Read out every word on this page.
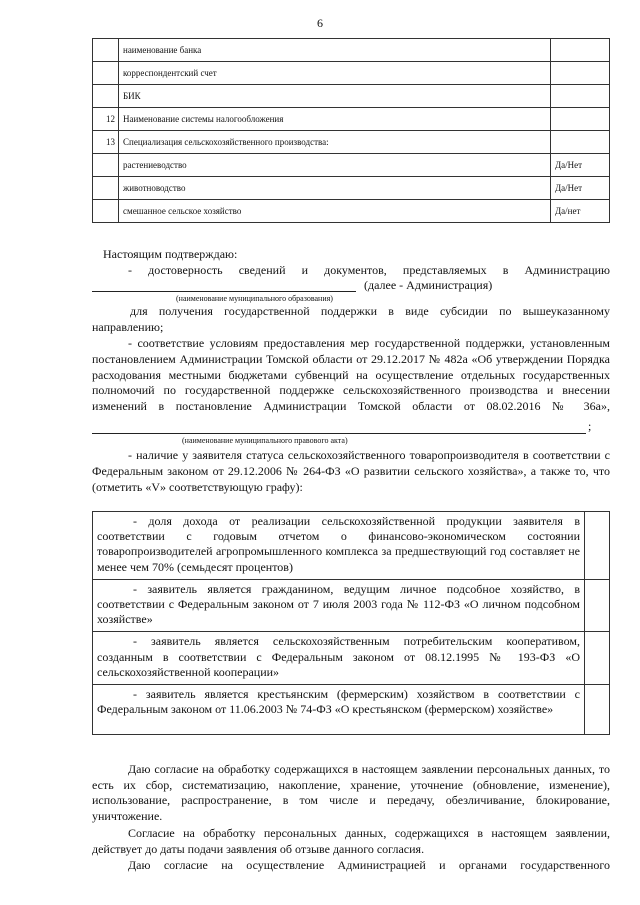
6
	наименование банка	
	корреспондентский счет	
	БИК	
12	Наименование системы налогообложения	
13	Специализация сельскохозяйственного производства:	
	растениеводство	Да/Нет
	животноводство	Да/Нет
	смешанное сельское хозяйство	Да/нет
Настоящим подтверждаю:
- достоверность сведений и документов, представляемых в Администрацию
(далее - Администрация)
(наименование муниципального образования)
для получения государственной поддержки в виде субсидии по вышеуказанному направлению;
- соответствие условиям предоставления мер государственной поддержки, установленным постановлением Администрации Томской области от 29.12.2017 № 482а «Об утверждении Порядка расходования местными бюджетами субвенций на осуществление отдельных государственных полномочий по государственной поддержке сельскохозяйственного производства и внесении изменений в постановление Администрации Томской области от 08.02.2016 № 36а»,
;
(наименование муниципального правового акта)
- наличие у заявителя статуса сельскохозяйственного товаропроизводителя в соответствии с Федеральным законом от 29.12.2006 № 264-ФЗ «О развитии сельского хозяйства», а также то, что (отметить «V» соответствующую графу):
- доля дохода от реализации сельскохозяйственной продукции заявителя в соответствии с годовым отчетом о финансово-экономическом состоянии товаропроизводителей агропромышленного комплекса за предшествующий год составляет не менее чем 70% (семьдесят процентов)	
- заявитель является гражданином, ведущим личное подсобное хозяйство, в соответствии с Федеральным законом от 7 июля 2003 года № 112-ФЗ «О личном подсобном хозяйстве»	
- заявитель является сельскохозяйственным потребительским кооперативом, созданным в соответствии с Федеральным законом от 08.12.1995 № 193-ФЗ «О сельскохозяйственной кооперации»	
- заявитель является крестьянским (фермерским) хозяйством в соответствии с Федеральным законом от 11.06.2003 № 74-ФЗ «О крестьянском (фермерском) хозяйстве»	
Даю согласие на обработку содержащихся в настоящем заявлении персональных данных, то есть их сбор, систематизацию, накопление, хранение, уточнение (обновление, изменение), использование, распространение, в том числе и передачу, обезличивание, блокирование, уничтожение.
Согласие на обработку персональных данных, содержащихся в настоящем заявлении, действует до даты подачи заявления об отзыве данного согласия.
Даю согласие на осуществление Администрацией и органами государственного
